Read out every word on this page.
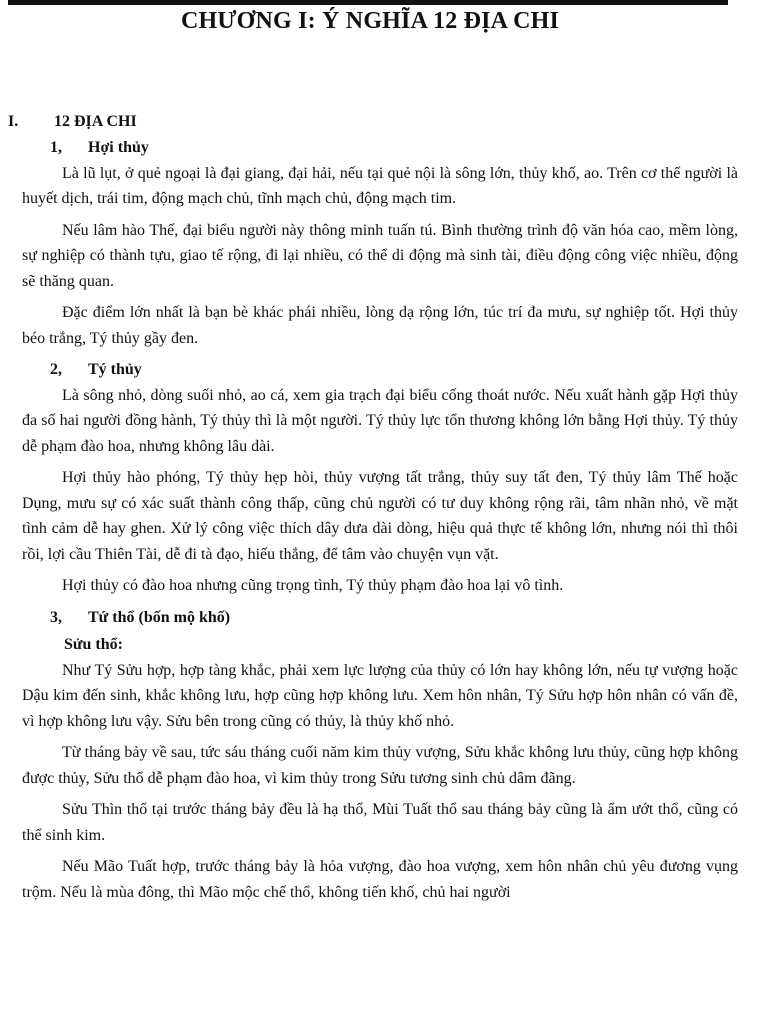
CHƯƠNG I: Ý NGHĨA 12 ĐỊA CHI
I.	12 ĐỊA CHI
1,	Hợi thủy

Là lũ lụt, ở quẻ ngoại là đại giang, đại hải, nếu tại quẻ nội là sông lớn, thủy khố, ao. Trên cơ thể người là huyết dịch, trái tim, động mạch chủ, tĩnh mạch chủ, động mạch tim.

Nếu lâm hào Thế, đại biểu người này thông minh tuấn tú. Bình thường trình độ văn hóa cao, mềm lòng, sự nghiệp có thành tựu, giao tế rộng, đi lại nhiều, có thể di động mà sinh tài, điều động công việc nhiều, động sẽ thăng quan.

Đặc điểm lớn nhất là bạn bè khác phái nhiều, lòng dạ rộng lớn, túc trí đa mưu, sự nghiệp tốt. Hợi thủy béo trắng, Tý thủy gầy đen.

2,	Tý thủy

Là sông nhỏ, dòng suối nhỏ, ao cá, xem gia trạch đại biểu cống thoát nước. Nếu xuất hành gặp Hợi thủy đa số hai người đồng hành, Tý thủy thì là một người. Tý thủy lực tổn thương không lớn bằng Hợi thủy. Tý thủy dễ phạm đào hoa, nhưng không lâu dài.

Hợi thủy hào phóng, Tý thủy hẹp hòi, thủy vượng tất trắng, thủy suy tất đen, Tý thủy lâm Thế hoặc Dụng, mưu sự có xác suất thành công thấp, cũng chủ người có tư duy không rộng rãi, tâm nhãn nhỏ, về mặt tình cảm dễ hay ghen. Xử lý công việc thích dây dưa dài dòng, hiệu quả thực tế không lớn, nhưng nói thì thôi rồi, lợi cầu Thiên Tài, dễ đi tà đạo, hiếu thắng, để tâm vào chuyện vụn vặt.

Hợi thủy có đào hoa nhưng cũng trọng tình, Tý thủy phạm đào hoa lại vô tình.

3,	Tứ thổ (bốn mộ khố)
Sửu thổ:

Như Tý Sửu hợp, hợp tàng khắc, phải xem lực lượng của thủy có lớn hay không lớn, nếu tự vượng hoặc Dậu kim đến sinh, khắc không lưu, hợp cũng hợp không lưu. Xem hôn nhân, Tý Sửu hợp hôn nhân có vấn đề, vì hợp không lưu vậy. Sửu bên trong cũng có thủy, là thủy khố nhỏ.

Từ tháng bảy về sau, tức sáu tháng cuối năm kim thủy vượng, Sửu khắc không lưu thủy, cũng hợp không được thủy, Sửu thổ dễ phạm đào hoa, vì kim thủy trong Sửu tương sinh chủ dâm đãng.

Sửu Thìn thổ tại trước tháng bảy đều là hạ thổ, Mùi Tuất thổ sau tháng bảy cũng là ẩm ướt thổ, cũng có thể sinh kim.

Nếu Mão Tuất hợp, trước tháng bảy là hỏa vượng, đào hoa vượng, xem hôn nhân chủ yêu đương vụng trộm. Nếu là mùa đông, thì Mão mộc chế thổ, không tiến khố, chủ hai người
